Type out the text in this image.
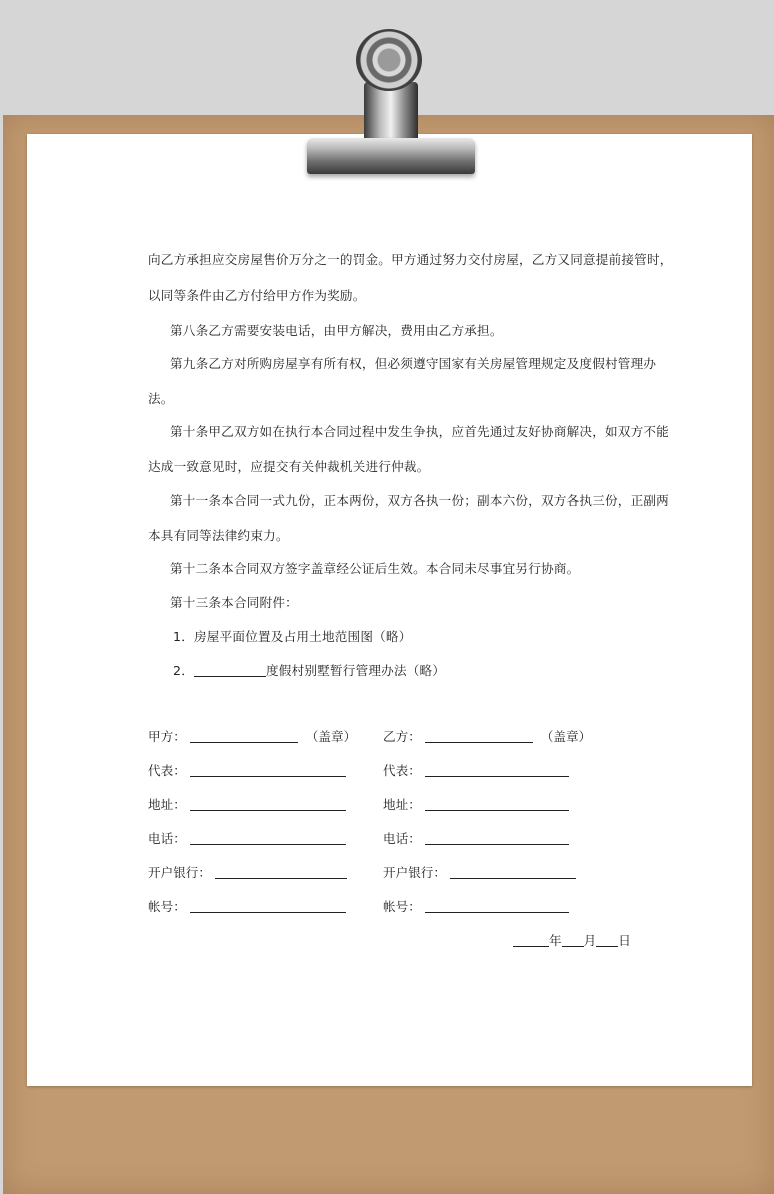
向乙方承担应交房屋售价万分之一的罚金。甲方通过努力交付房屋，乙方又同意提前接管时，
以同等条件由乙方付给甲方作为奖励。
第八条乙方需要安装电话，由甲方解决，费用由乙方承担。
第九条乙方对所购房屋享有所有权，但必须遵守国家有关房屋管理规定及度假村管理办
法。
第十条甲乙双方如在执行本合同过程中发生争执，应首先通过友好协商解决，如双方不能
达成一致意见时，应提交有关仲裁机关进行仲裁。
第十一条本合同一式九份，正本两份，双方各执一份；副本六份，双方各执三份，正副两
本具有同等法律约束力。
第十二条本合同双方签字盖章经公证后生效。本合同未尽事宜另行协商。
第十三条本合同附件：
1．房屋平面位置及占用土地范围图（略）
2．	度假村别墅暂行管理办法（略）
甲方：	（盖章）
代表：
地址：
电话：
开户银行：
帐号：
乙方：	（盖章）
代表：
地址：
电话：
开户银行：
帐号：
年 月 日
